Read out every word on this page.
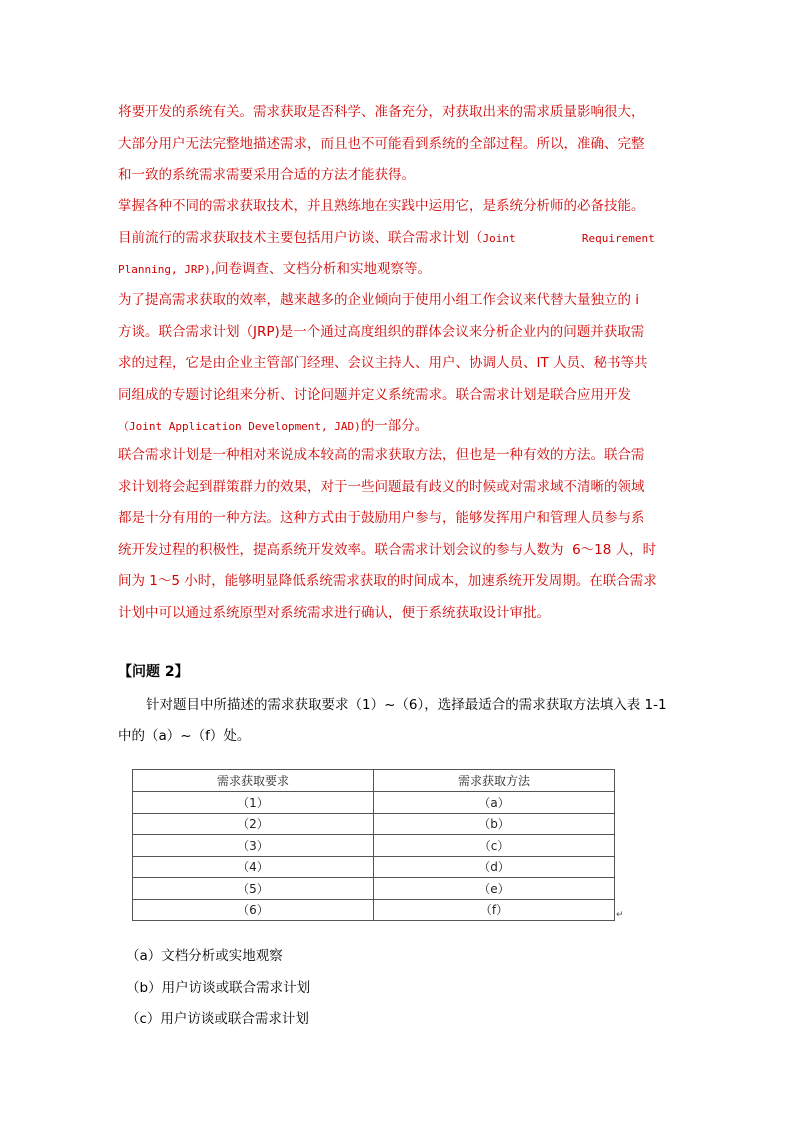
将要开发的系统有关。需求获取是否科学、准备充分，对获取出来的需求质量影响很大，

大部分用户无法完整地描述需求，而且也不可能看到系统的全部过程。所以，准确、完整

和一致的系统需求需要采用合适的方法才能获得。

掌握各种不同的需求获取技术，并且熟练地在实践中运用它，是系统分析师的必备技能。

目前流行的需求获取技术主要包括用户访谈、联合需求计划（Joint          Requirement

Planning, JRP),问卷调查、文档分析和实地观察等。

为了提高需求获取的效率，越来越多的企业倾向于使用小组工作会议来代替大量独立的 i

方谈。联合需求计划（JRP)是一个通过高度组织的群体会议来分析企业内的问题并获取需

求的过程，它是由企业主管部门经理、会议主持人、用户、协调人员、IT 人员、秘书等共

同组成的专题讨论组来分析、讨论问题并定义系统需求。联合需求计划是联合应用开发

（Joint Application Development, JAD)的一部分。

联合需求计划是一种相对来说成本较高的需求获取方法，但也是一种有效的方法。联合需

求计划将会起到群策群力的效果，对于一些问题最有歧义的时候或对需求域不清晰的领域

都是十分有用的一种方法。这种方式由于鼓励用户参与，能够发挥用户和管理人员参与系

统开发过程的积极性，提高系统开发效率。联合需求计划会议的参与人数为  6～18 人，时

间为 1～5 小时，能够明显降低系统需求获取的时间成本，加速系统开发周期。在联合需求

计划中可以通过系统原型对系统需求进行确认，便于系统获取设计审批。

【问题 2】
针对题目中所描述的需求获取要求（1）~（6），选择最适合的需求获取方法填入表 1-1 中的（a）~（f）处。
需求获取要求	需求获取方法
（1）	（a）
（2）	（b）
（3）	（c）
（4）	（d）
（5）	（e）
（6）	（f）	↵
（a）文档分析或实地观察
（b）用户访谈或联合需求计划
（c）用户访谈或联合需求计划
